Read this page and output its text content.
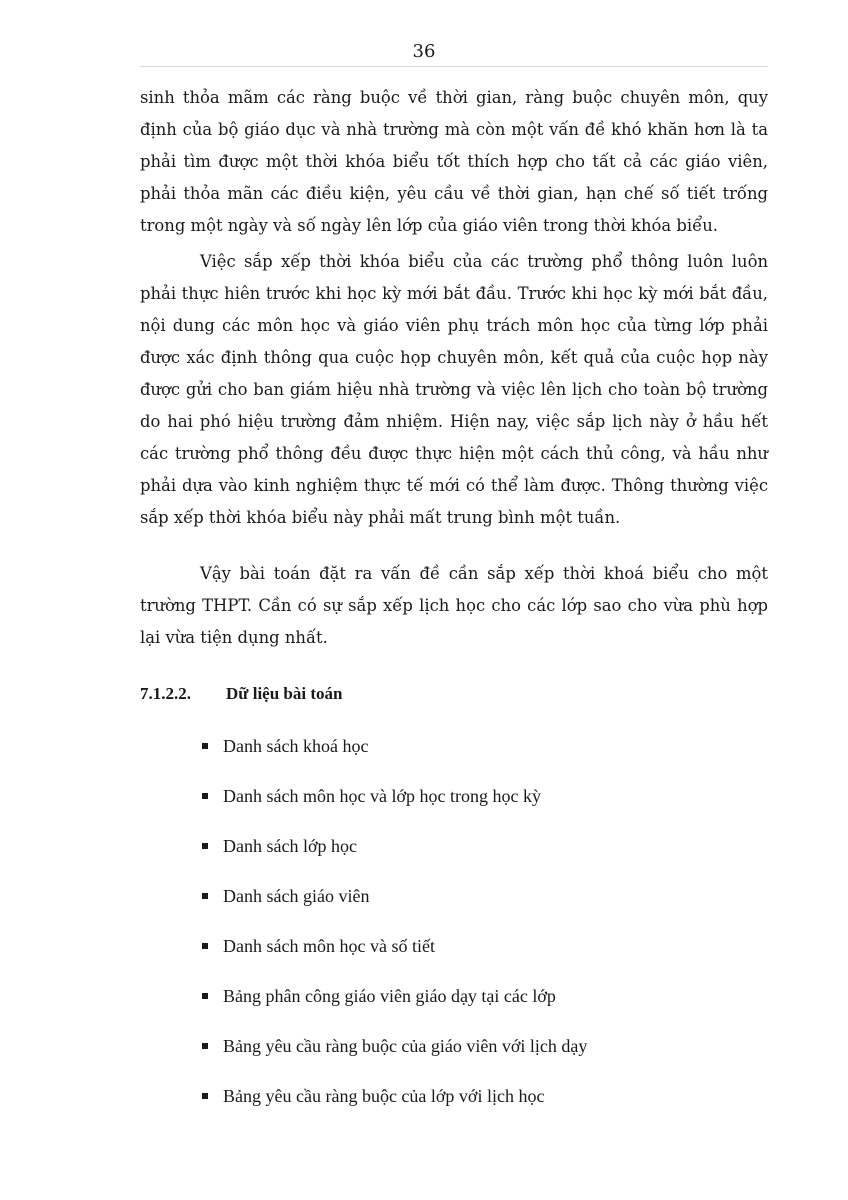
36

sinh thỏa mãm các ràng buộc về thời gian, ràng buộc chuyên môn, quy định của bộ giáo dục và nhà trường mà còn một vấn đề khó khăn hơn là ta phải tìm được một thời khóa biểu tốt thích hợp cho tất cả các giáo viên, phải thỏa mãn các điều kiện, yêu cầu về thời gian, hạn chế số tiết trống trong một ngày và số ngày lên lớp của giáo viên trong thời khóa biểu.

Việc sắp xếp thời khóa biểu của các trường phổ thông luôn luôn phải thực hiên trước khi học kỳ mới bắt đầu. Trước khi học kỳ mới bắt đầu, nội dung các môn học và giáo viên phụ trách môn học của từng lớp phải được xác định thông qua cuộc họp chuyên môn, kết quả của cuộc họp này được gửi cho ban giám hiệu nhà trường và việc lên lịch cho toàn bộ trường do hai phó hiệu trường đảm nhiệm. Hiện nay, việc sắp lịch này ở hầu hết các trường phổ thông đều được thực hiện một cách thủ công, và hầu như phải dựa vào kinh nghiệm thực tế mới có thể làm được. Thông thường việc sắp xếp thời khóa biểu này phải mất trung bình một tuần.

Vậy bài toán đặt ra vấn đề cần sắp xếp thời khoá biểu cho một trường THPT. Cần có sự sắp xếp lịch học cho các lớp sao cho vừa phù hợp lại vừa tiện dụng nhất.

7.1.2.2.	Dữ liệu bài toán
Danh sách khoá học
Danh sách môn học và lớp học trong học kỳ
Danh sách lớp học
Danh sách giáo viên
Danh sách môn học và số tiết
Bảng phân công giáo viên giáo dạy tại các lớp
Bảng yêu cầu ràng buộc của giáo viên với lịch dạy
Bảng yêu cầu ràng buộc của lớp với lịch học
